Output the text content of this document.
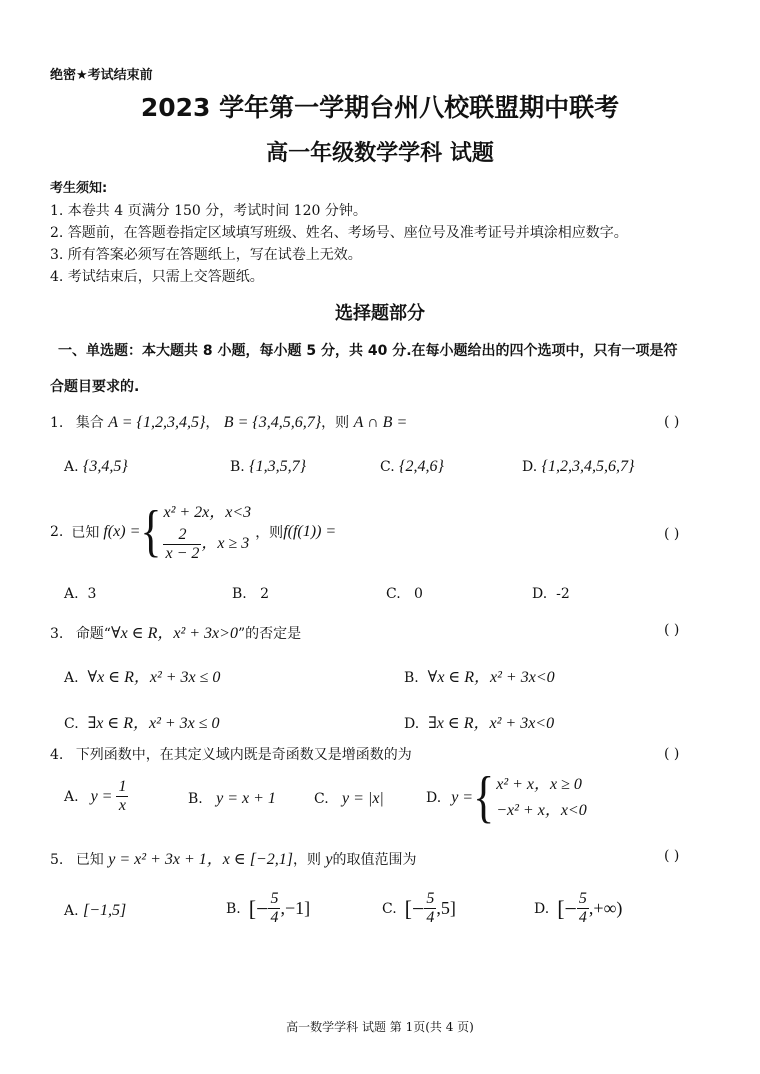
绝密★考试结束前
2023 学年第一学期台州八校联盟期中联考
高一年级数学学科 试题
考生须知:
1. 本卷共 4 页满分 150 分，考试时间 120 分钟。
2. 答题前，在答题卷指定区域填写班级、姓名、考场号、座位号及准考证号并填涂相应数字。
3. 所有答案必须写在答题纸上，写在试卷上无效。
4. 考试结束后，只需上交答题纸。
选择题部分
一、单选题：本大题共 8 小题，每小题 5 分，共 40 分.在每小题给出的四个选项中，只有一项是符
合题目要求的.
1. 集合 A = {1,2,3,4,5}， B = {3,4,5,6,7}，则 A ∩ B =	( )
A. {3,4,5}	B. {1,3,5,7}	C. {2,4,6}	D. {1,2,3,4,5,6,7}
2. 已知 f(x) = { x² + 2x，x<3
$\frac{2}{x - 2}$ ，x ≥ 3
，则 f(f(1)) =	( )
A. 3	B. 2	C. 0	D. -2
3. 命题“∀x ∈ R，x² + 3x>0”的否定是	( )
A. ∀x ∈ R，x² + 3x ≤ 0	B. ∀x ∈ R，x² + 3x<0
C. ∃x ∈ R，x² + 3x ≤ 0	D. ∃x ∈ R，x² + 3x<0
4. 下列函数中，在其定义域内既是奇函数又是增函数的为	( )
A. $y = \frac{1}{x}$	B. y = x + 1	C. y = |x|	D. y = { x² + x，x ≥ 0
−x² + x，x<0
5. 已知 y = x² + 3x + 1，x ∈ [−2,1]，则 y的取值范围为	( )
A. [−1,5]	B. [− $\frac{5}{4} ,-1$]	C. [− $\frac{5}{4} ,5$]	D. [− $\frac{5}{4}$ ,+∞)
高一数学学科 试题 第 1页(共 4 页)
